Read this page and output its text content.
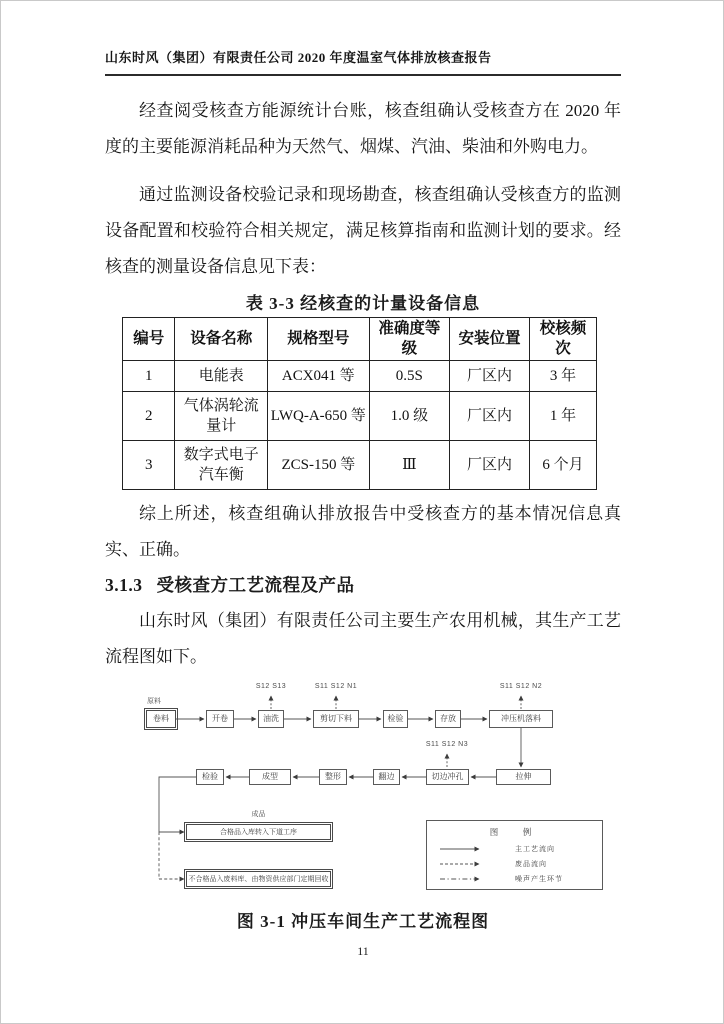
山东时风（集团）有限责任公司 2020 年度温室气体排放核查报告

经查阅受核查方能源统计台账，核查组确认受核查方在 2020 年度的主要能源消耗品种为天然气、烟煤、汽油、柴油和外购电力。

通过监测设备校验记录和现场勘查，核查组确认受核查方的监测设备配置和校验符合相关规定，满足核算指南和监测计划的要求。经核查的测量设备信息见下表：

表 3-3 经核查的计量设备信息
编号	设备名称	规格型号	准确度等级	安装位置	校核频次
1	电能表	ACX041 等	0.5S	厂区内	3 年
2	气体涡轮流量计	LWQ-A-650 等	1.0 级	厂区内	1 年
3	数字式电子汽车衡	ZCS-150 等	Ⅲ	厂区内	6 个月

综上所述，核查组确认排放报告中受核查方的基本情况信息真实、正确。

3.1.3 受核查方工艺流程及产品

山东时风（集团）有限责任公司主要生产农用机械，其生产工艺流程图如下。

S12 S13	S11 S12 N1	S11 S12 N2
S11 S12 N3
原料
卷料	开卷	油洗	剪切下料	检验	存放	冲压机落料
检验	成型	整形	翻边	切边冲孔	拉伸
成品
合格品入库转入下道工序
不合格品入废料库、由物资供应部门定期回收
图　例
主工艺流向
废品流向
噪声产生环节
图 3-1 冲压车间生产工艺流程图
11
